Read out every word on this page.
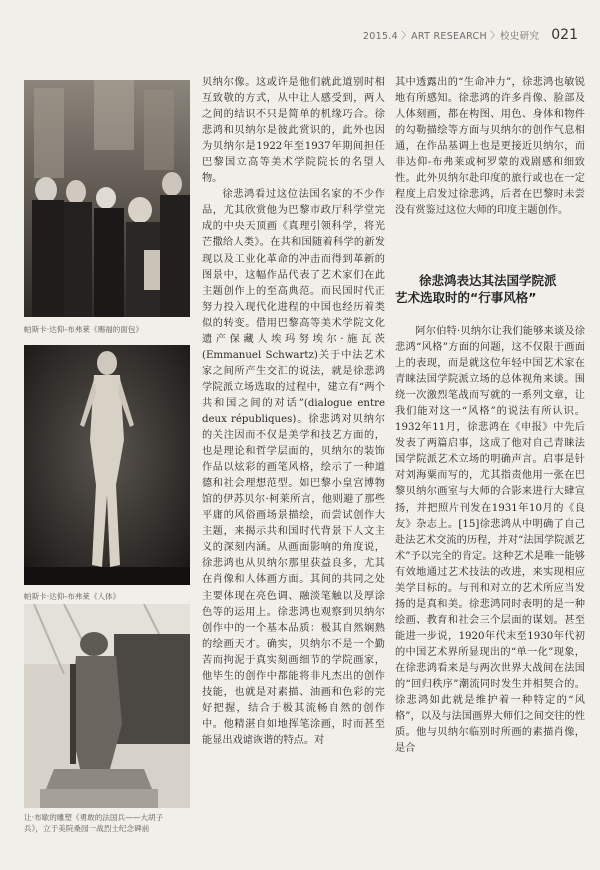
2015.4 〉ART RESEARCH 〉校史研究 021
帕斯卡·达仰-布弗莱《赐福的面包》
帕斯卡·达仰-布弗莱《人体》
让·布歇的雕塑《勇敢的法国兵——大胡子
兵》，立于美院桑园一战烈士纪念碑前

贝纳尔像。这或许是他们就此道别时相互致敬的方式，从中让人感受到，两人之间的结识不只是简单的机缘巧合。徐悲鸿和贝纳尔是彼此赏识的，此外也因为贝纳尔是1922年至1937年期间担任巴黎国立高等美术学院院长的名望人物。

徐悲鸿看过这位法国名家的不少作品，尤其欣赏他为巴黎市政厅科学堂完成的中央天顶画《真理引领科学，将光芒撒给人类》。在共和国随着科学的新发现以及工业化革命的冲击而得到革新的图景中，这幅作品代表了艺术家们在此主题创作上的至高典范。而民国时代正努力投入现代化进程的中国也经历着类似的转变。借用巴黎高等美术学院文化遗产保藏人埃玛努埃尔·施瓦茨(Emmanuel Schwartz)关于中法艺术家之间所产生交汇的说法，就是徐悲鸿学院派立场选取的过程中，建立有“两个共和国之间的对话”(dialogue entre deux républiques)。徐悲鸿对贝纳尔的关注因而不仅是美学和技艺方面的，也是理论和哲学层面的，贝纳尔的装饰作品以炫彩的画笔风格，绘示了一种道德和社会理想范型。如巴黎小皇宫博物馆的伊苏贝尔·柯莱所言，他则避了那些平庸的风俗画场景描绘，而尝试创作大主题，来揭示共和国时代背景下人文主义的深刻内涵。从画面影响的角度说，徐悲鸿也从贝纳尔那里获益良多，尤其在肖像和人体画方面。其间的共同之处主要体现在亮色调、融淡笔触以及厚涂色等的运用上。徐悲鸿也观察到贝纳尔创作中的一个基本品质：极其自然娴熟的绘画天才。确实，贝纳尔不是一个勤苦而拘泥于真实刻画细节的学院画家，他毕生的创作中都能将非凡杰出的创作技能，也就是对素描、油画和色彩的完好把握，结合于极其流畅自然的创作中。他精湛自如地挥笔涂画，时而甚至能显出戏谑诙谐的特点。对

其中透露出的“生命冲力”，徐悲鸿也敏锐地有所感知。徐悲鸿的许多肖像、脸部及人体刻画，都在构图、用色、身体和物件的勾勒描绘等方面与贝纳尔的创作气息相通，在作品基调上也是更接近贝纳尔，而非达仰-布弗莱或柯罗蒙的戏剧感和细致性。此外贝纳尔赴印度的旅行或也在一定程度上启发过徐悲鸿，后者在巴黎时未尝没有赏鉴过这位大师的印度主题创作。

徐悲鸿表达其法国学院派
艺术选取时的“行事风格”

阿尔伯特·贝纳尔让我们能够来谈及徐悲鸿“风格”方面的问题，这不仅限于画面上的表现，而是就这位年轻中国艺术家在青睐法国学院派立场的总体视角来谈。围绕一次激烈笔战而写就的一系列文章，让我们能对这一“风格”的说法有所认识。1932年11月，徐悲鸿在《申报》中先后发表了两篇启事，这成了他对自己青睐法国学院派艺术立场的明确声言。启事是针对刘海粟而写的，尤其指责他用一张在巴黎贝纳尔画室与大师的合影来进行大肆宣扬，并把照片刊发在1931年10月的《良友》杂志上。[15]徐悲鸿从中明确了自己赴法艺术交流的历程，并对“法国学院派艺术”予以完全的肯定。这种艺术是唯一能够有效地通过艺术技法的改进，来实现相应美学目标的。与刊和对立的艺术所应当发扬的是真和美。徐悲鸿同时表明的是一种绘画、教育和社会三个层面的谋划。甚至能进一步说，1920年代末至1930年代初的中国艺术界所显现出的“单一化”现象，在徐悲鸿看来是与两次世界大战间在法国的“回归秩序”潮流同时发生并相契合的。徐悲鸿如此就是维护着一种特定的“风格”，以及与法国画界大师们之间交往的性质。他与贝纳尔临别时所画的素描肖像，是合
